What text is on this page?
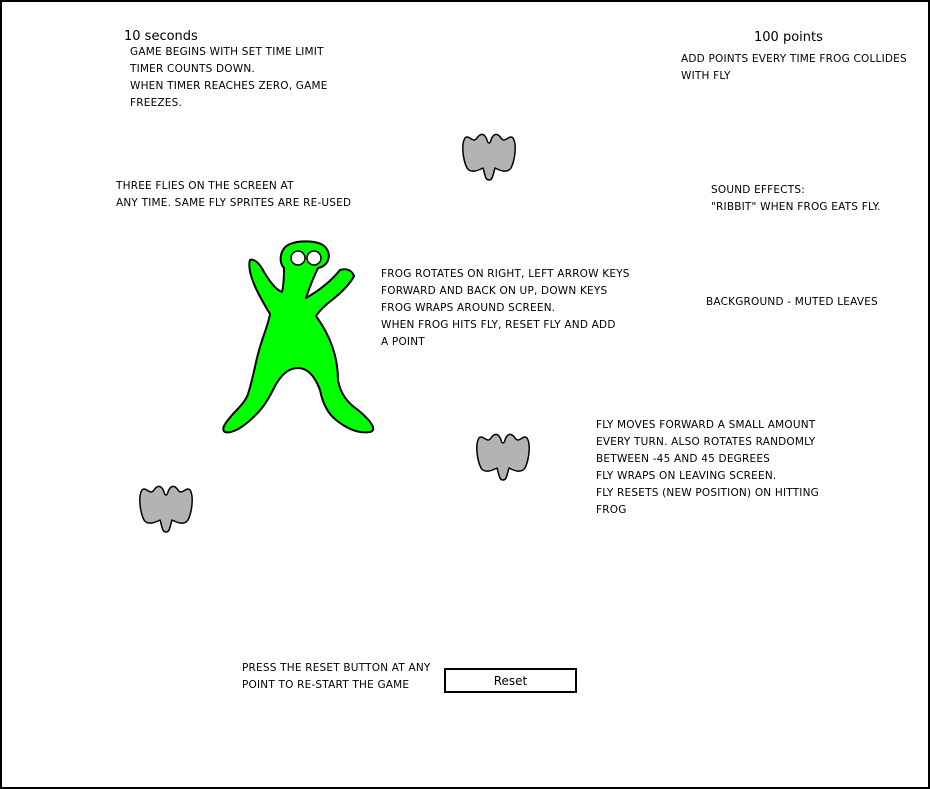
10 seconds	100 points
GAME BEGINS WITH SET TIME LIMIT
TIMER COUNTS DOWN.
WHEN TIMER REACHES ZERO, GAME
FREEZES.
ADD POINTS EVERY TIME FROG COLLIDES
WITH FLY
THREE FLIES ON THE SCREEN AT
ANY TIME. SAME FLY SPRITES ARE RE-USED
SOUND EFFECTS:
"RIBBIT" WHEN FROG EATS FLY.
FROG ROTATES ON RIGHT, LEFT ARROW KEYS
FORWARD AND BACK ON UP, DOWN KEYS
FROG WRAPS AROUND SCREEN.
WHEN FROG HITS FLY, RESET FLY AND ADD
A POINT
BACKGROUND - MUTED LEAVES
FLY MOVES FORWARD A SMALL AMOUNT
EVERY TURN. ALSO ROTATES RANDOMLY
BETWEEN -45 AND 45 DEGREES
FLY WRAPS ON LEAVING SCREEN.
FLY RESETS (NEW POSITION) ON HITTING
FROG
PRESS THE RESET BUTTON AT ANY
POINT TO RE-START THE GAME	Reset
